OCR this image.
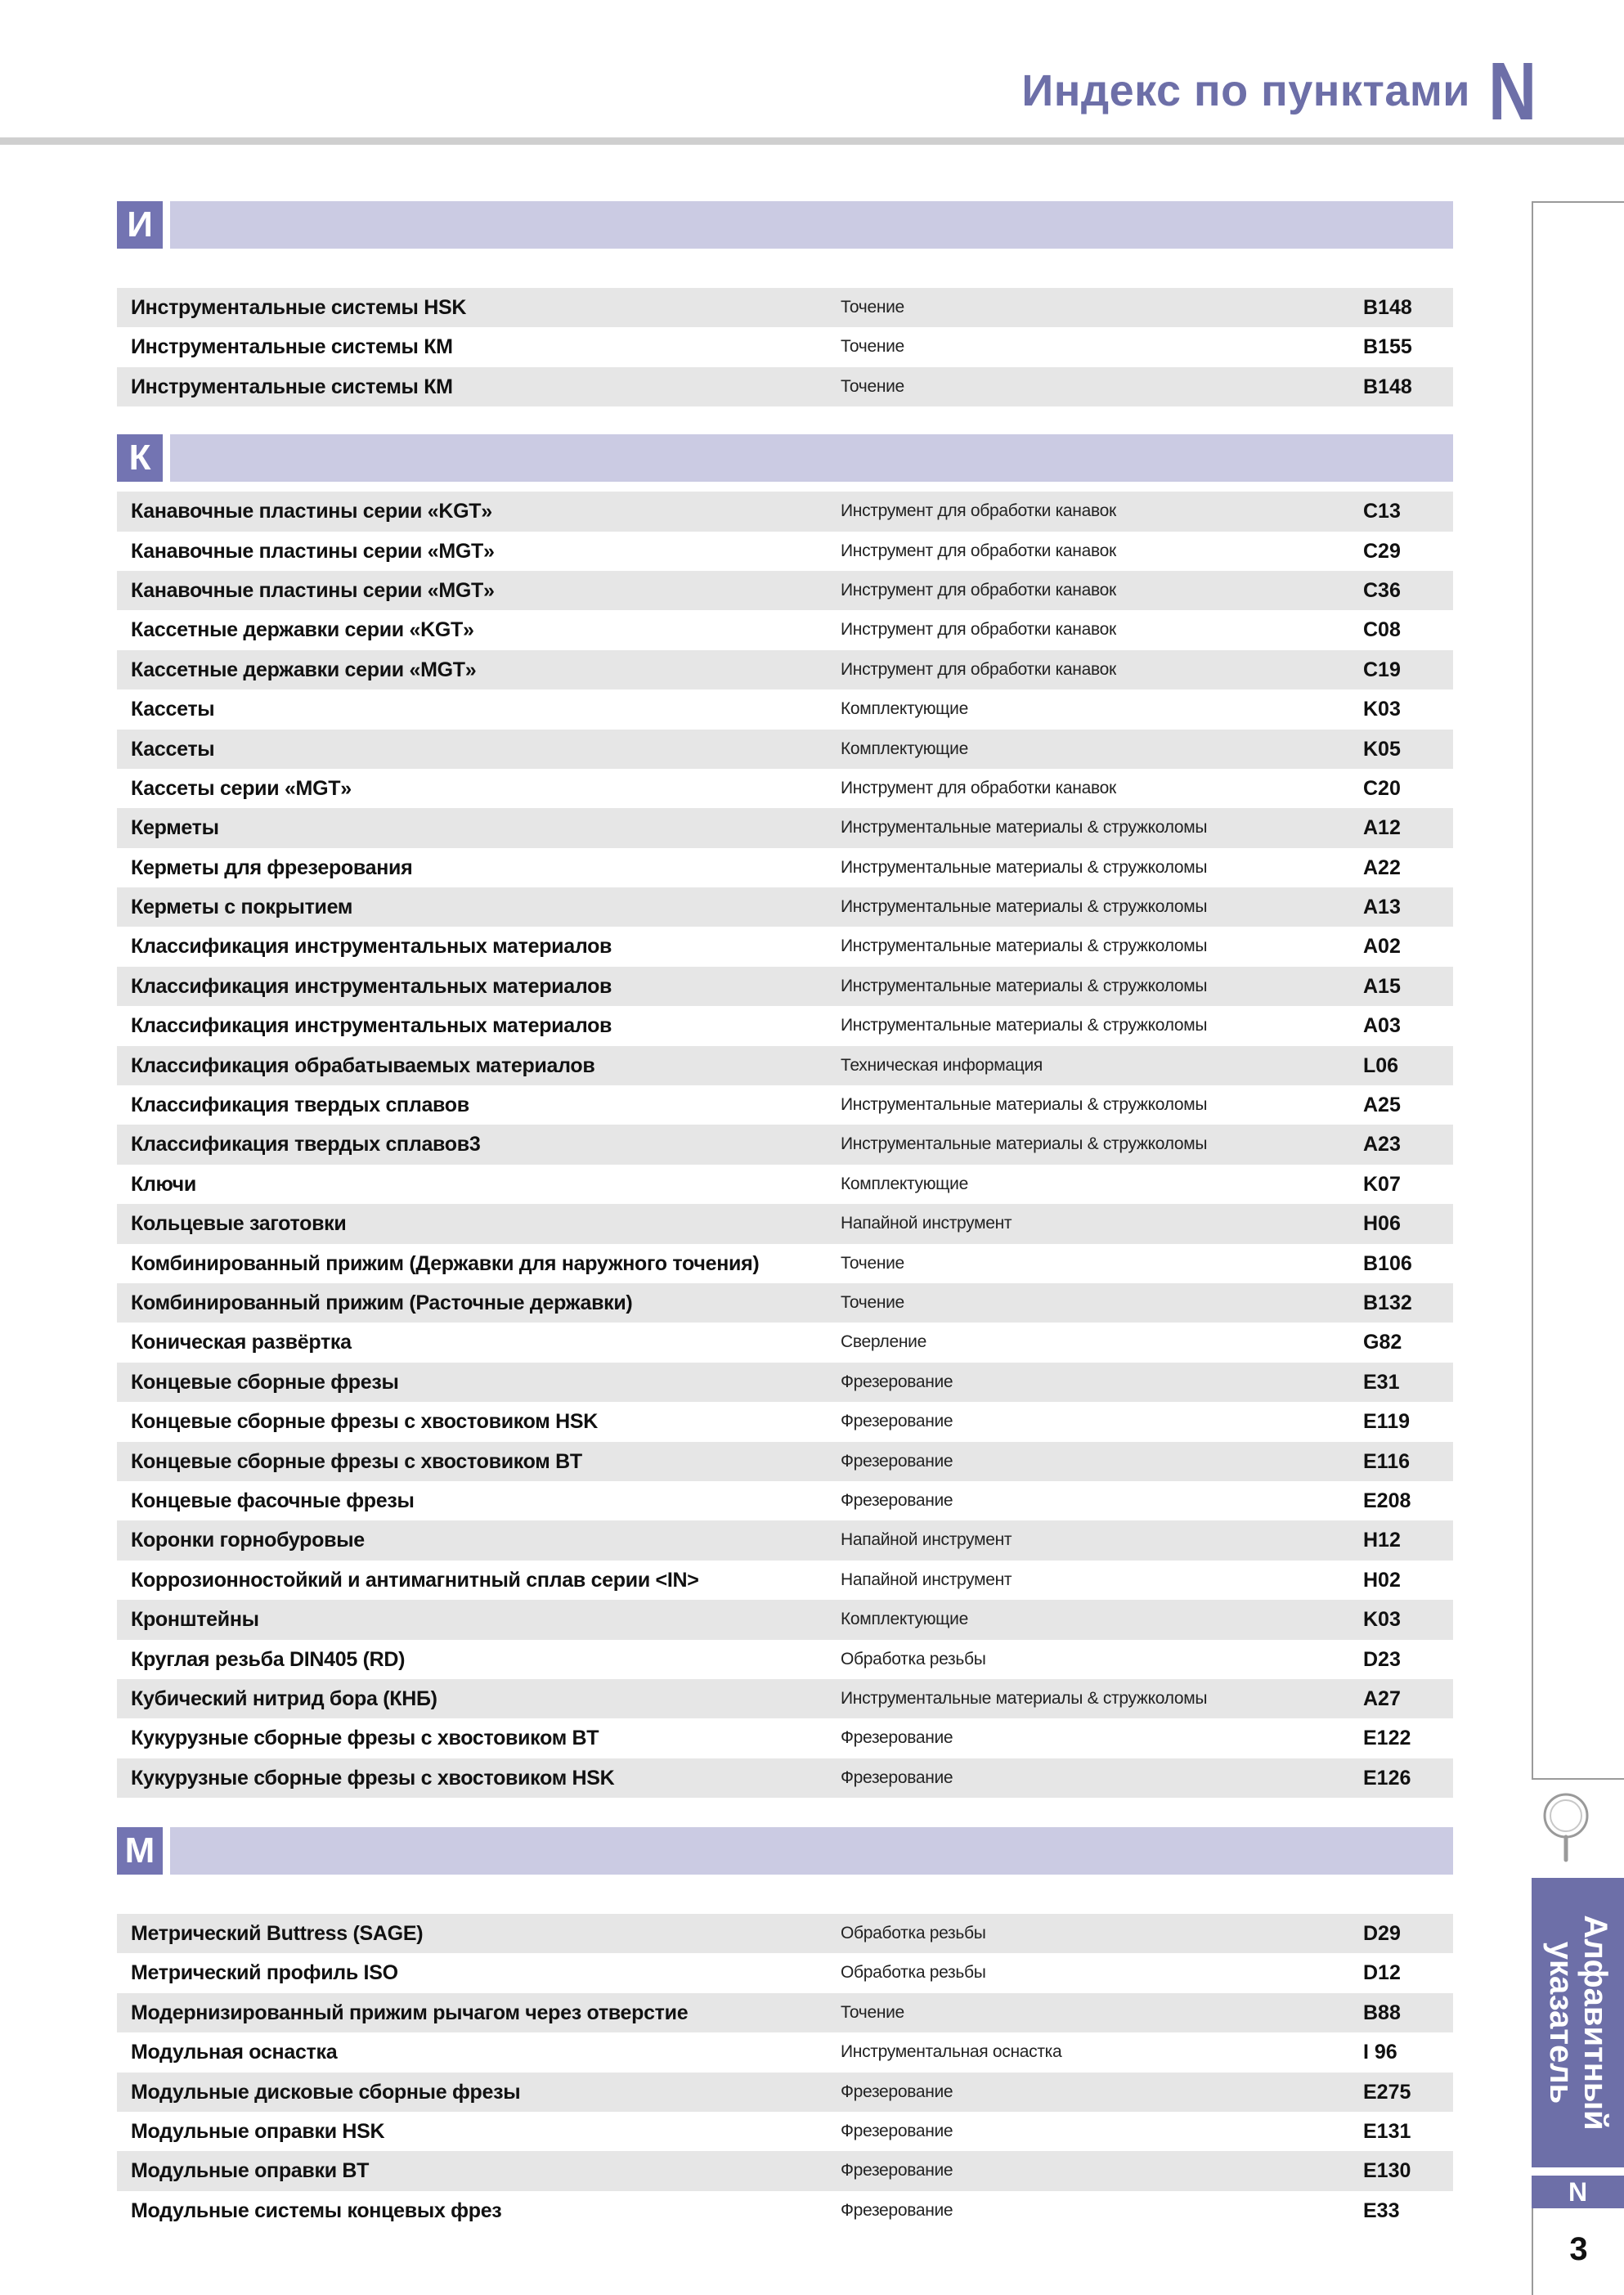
Индекс по пунктами N
И
Инструментальные системы HSK	Точение	B148
Инструментальные системы КМ	Точение	B155
Инструментальные системы КМ	Точение	B148
К
Канавочные пластины серии «KGT»	Инструмент для обработки канавок	C13
Канавочные пластины серии «MGT»	Инструмент для обработки канавок	C29
Канавочные пластины серии «MGT»	Инструмент для обработки канавок	C36
Кассетные державки серии «KGT»	Инструмент для обработки канавок	C08
Кассетные державки серии «MGT»	Инструмент для обработки канавок	C19
Кассеты	Комплектующие	K03
Кассеты	Комплектующие	K05
Кассеты серии «MGT»	Инструмент для обработки канавок	C20
Керметы	Инструментальные материалы & стружколомы	A12
Керметы для фрезерования	Инструментальные материалы & стружколомы	A22
Керметы с покрытием	Инструментальные материалы & стружколомы	A13
Классификация инструментальных материалов	Инструментальные материалы & стружколомы	A02
Классификация инструментальных материалов	Инструментальные материалы & стружколомы	A15
Классификация инструментальных материалов	Инструментальные материалы & стружколомы	A03
Классификация обрабатываемых материалов	Техническая информация	L06
Классификация твердых сплавов	Инструментальные материалы & стружколомы	A25
Классификация твердых сплавов3	Инструментальные материалы & стружколомы	A23
Ключи	Комплектующие	K07
Кольцевые заготовки	Напайной инструмент	H06
Комбинированный прижим (Державки для наружного точения)	Точение	B106
Комбинированный прижим (Расточные державки)	Точение	B132
Коническая развёртка	Сверление	G82
Концевые сборные фрезы	Фрезерование	E31
Концевые сборные фрезы с хвостовиком HSK	Фрезерование	E119
Концевые сборные фрезы с хвостовиком BT	Фрезерование	E116
Концевые фасочные фрезы	Фрезерование	E208
Коронки горнобуровые	Напайной инструмент	H12
Коррозионностойкий и антимагнитный сплав серии <IN>	Напайной инструмент	H02
Кронштейны	Комплектующие	K03
Круглая резьба DIN405 (RD)	Обработка резьбы	D23
Кубический нитрид бора (КНБ)	Инструментальные материалы & стружколомы	A27
Кукурузные сборные фрезы с хвостовиком BT	Фрезерование	E122
Кукурузные сборные фрезы с хвостовиком HSK	Фрезерование	E126
M
Метрический Buttress (SAGE)	Обработка резьбы	D29
Метрический профиль ISO	Обработка резьбы	D12
Модернизированный прижим рычагом через отверстие	Точение	B88
Модульная оснастка	Инструментальная оснастка	I 96
Модульные дисковые сборные фрезы	Фрезерование	E275
Модульные оправки HSK	Фрезерование	E131
Модульные оправки BT	Фрезерование	E130
Модульные системы концевых фрез	Фрезерование	E33
Алфавитный
указатель
N
3
